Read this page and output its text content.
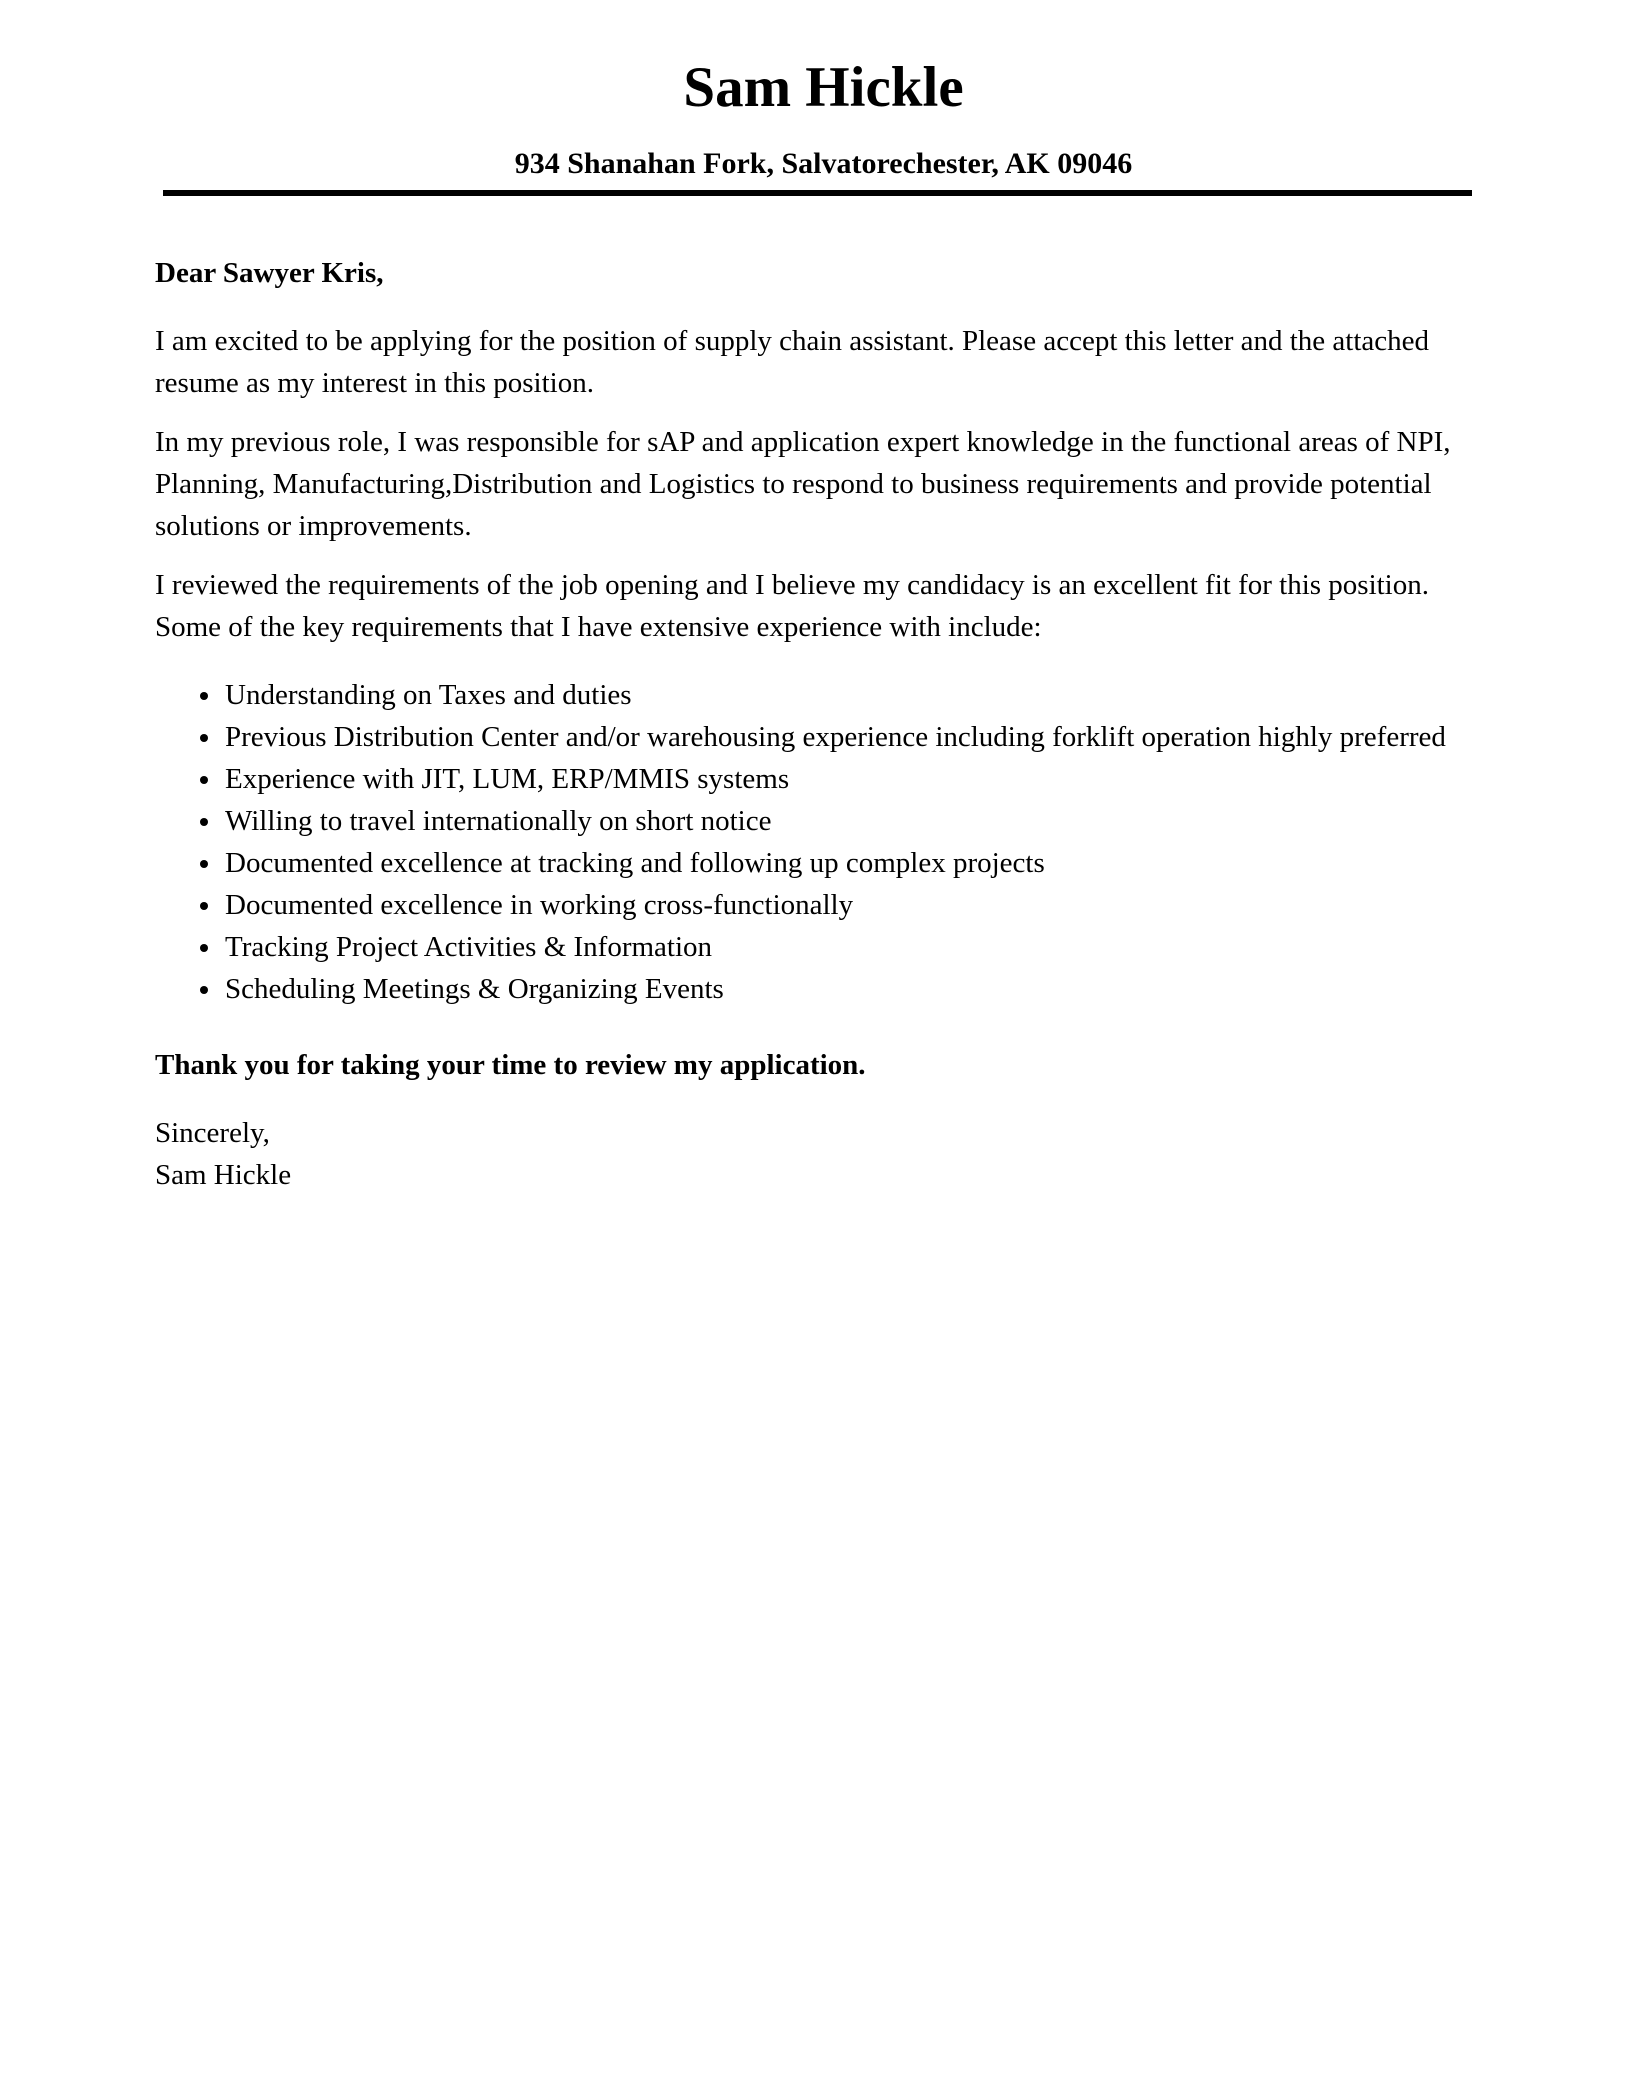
Sam Hickle
934 Shanahan Fork, Salvatorechester, AK 09046

Dear Sawyer Kris,

I am excited to be applying for the position of supply chain assistant. Please accept this letter and the attached resume as my interest in this position.

In my previous role, I was responsible for sAP and application expert knowledge in the functional areas of NPI, Planning, Manufacturing,Distribution and Logistics to respond to business requirements and provide potential solutions or improvements.

I reviewed the requirements of the job opening and I believe my candidacy is an excellent fit for this position. Some of the key requirements that I have extensive experience with include:

• Understanding on Taxes and duties
• Previous Distribution Center and/or warehousing experience including forklift operation highly preferred
• Experience with JIT, LUM, ERP/MMIS systems
• Willing to travel internationally on short notice
• Documented excellence at tracking and following up complex projects
• Documented excellence in working cross-functionally
• Tracking Project Activities & Information
• Scheduling Meetings & Organizing Events

Thank you for taking your time to review my application.

Sincerely,

Sam Hickle
